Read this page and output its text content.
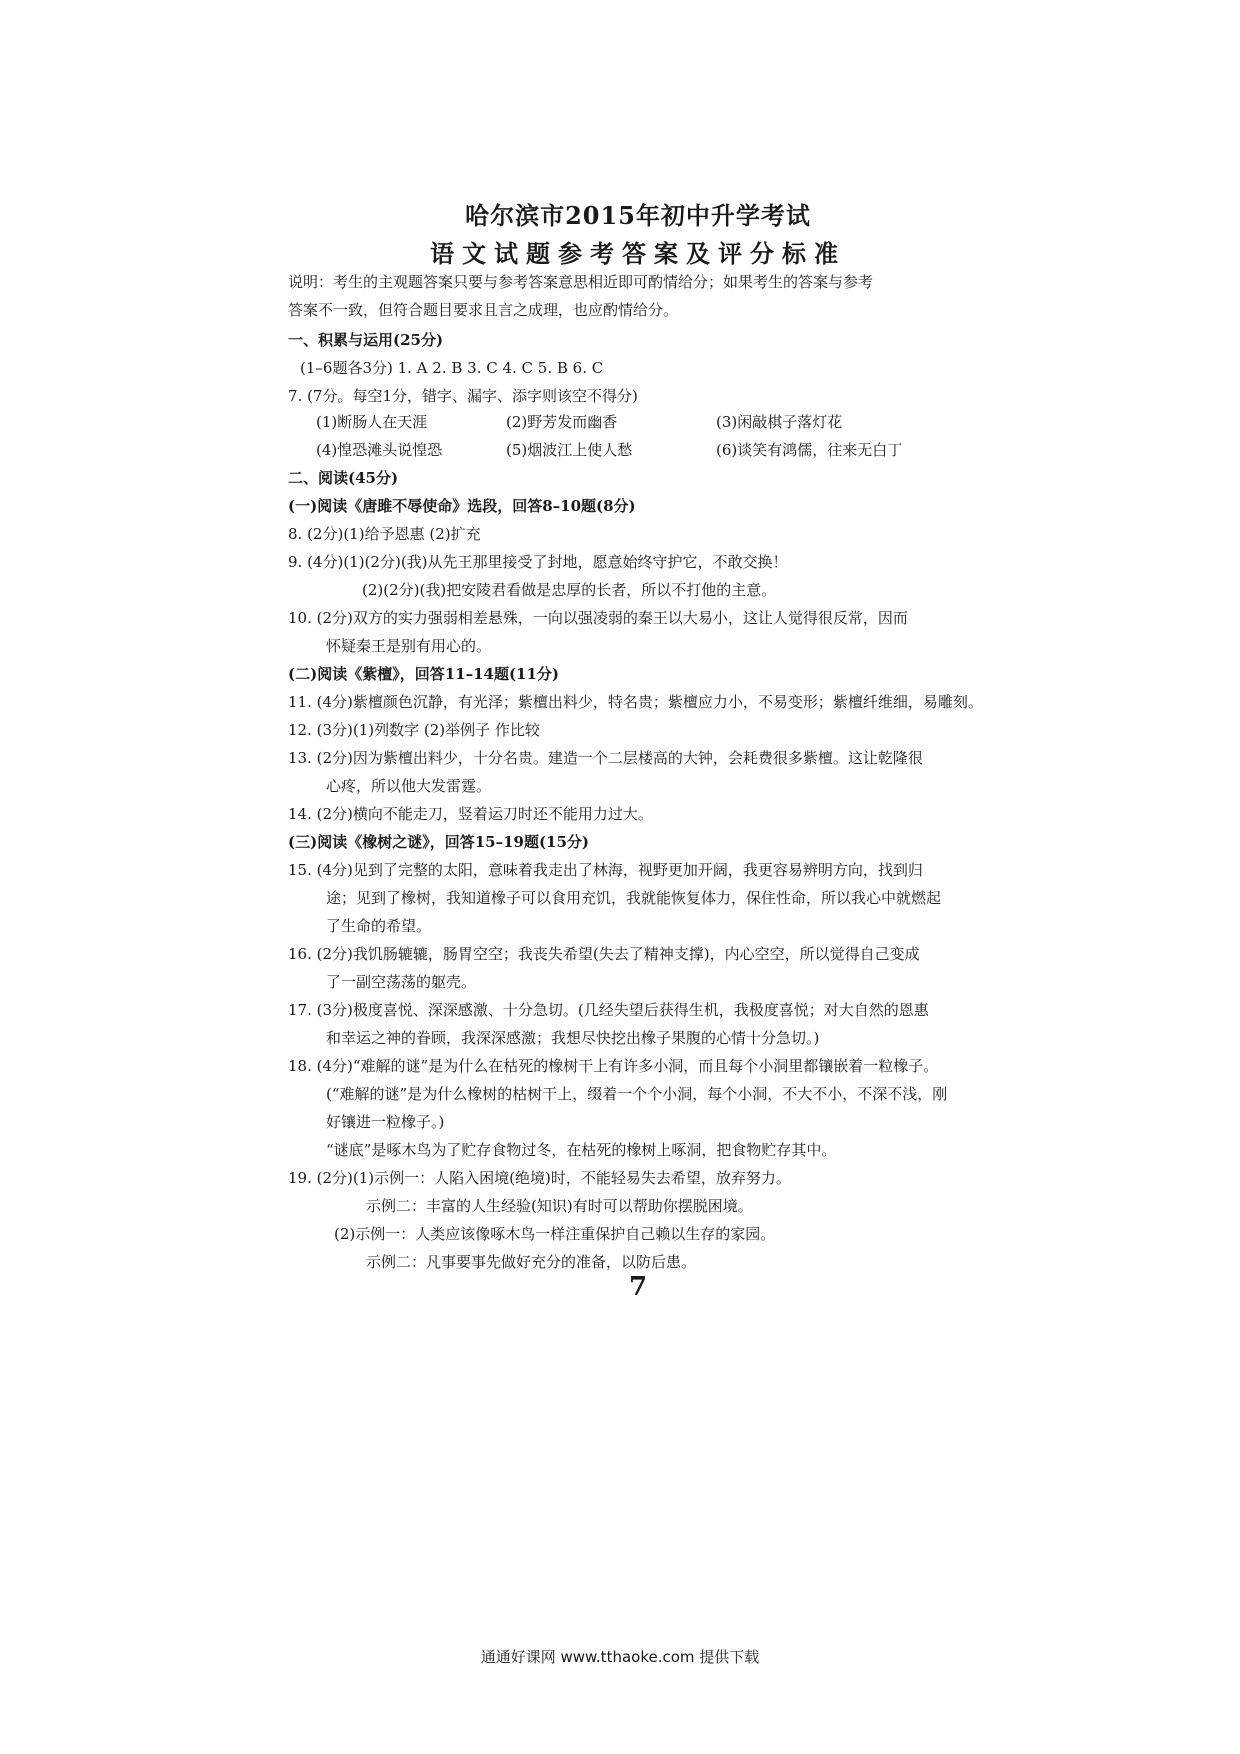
哈尔滨市2015年初中升学考试
语文试题参考答案及评分标准
说明：考生的主观题答案只要与参考答案意思相近即可酌情给分；如果考生的答案与参考
答案不一致，但符合题目要求且言之成理，也应酌情给分。
一、积累与运用(25分)
(1–6题各3分) 1. A 2. B 3. C 4. C 5. B 6. C
7. (7分。每空1分，错字、漏字、添字则该空不得分)
(1)断肠人在天涯	(2)野芳发而幽香	(3)闲敲棋子落灯花
(4)惶恐滩头说惶恐	(5)烟波江上使人愁	(6)谈笑有鸿儒，往来无白丁
二、阅读(45分)
(一)阅读《唐雎不辱使命》选段，回答8–10题(8分)
8. (2分)(1)给予恩惠 (2)扩充
9. (4分)(1)(2分)(我)从先王那里接受了封地，愿意始终守护它，不敢交换！
(2)(2分)(我)把安陵君看做是忠厚的长者，所以不打他的主意。
10. (2分)双方的实力强弱相差悬殊，一向以强凌弱的秦王以大易小，这让人觉得很反常，因而
怀疑秦王是别有用心的。
(二)阅读《紫檀》，回答11–14题(11分)
11. (4分)紫檀颜色沉静，有光泽；紫檀出料少，特名贵；紫檀应力小，不易变形；紫檀纤维细，易雕刻。
12. (3分)(1)列数字 (2)举例子 作比较
13. (2分)因为紫檀出料少，十分名贵。建造一个二层楼高的大钟，会耗费很多紫檀。这让乾隆很
心疼，所以他大发雷霆。
14. (2分)横向不能走刀，竖着运刀时还不能用力过大。
(三)阅读《橡树之谜》，回答15–19题(15分)
15. (4分)见到了完整的太阳，意味着我走出了林海，视野更加开阔，我更容易辨明方向，找到归
途；见到了橡树，我知道橡子可以食用充饥，我就能恢复体力，保住性命，所以我心中就燃起
了生命的希望。
16. (2分)我饥肠辘辘，肠胃空空；我丧失希望(失去了精神支撑)，内心空空，所以觉得自己变成
了一副空荡荡的躯壳。
17. (3分)极度喜悦、深深感激、十分急切。(几经失望后获得生机，我极度喜悦；对大自然的恩惠
和幸运之神的眷顾，我深深感激；我想尽快挖出橡子果腹的心情十分急切。)
18. (4分)“难解的谜”是为什么在枯死的橡树干上有许多小洞，而且每个小洞里都镶嵌着一粒橡子。
(“难解的谜”是为什么橡树的枯树干上，缀着一个个小洞，每个小洞，不大不小，不深不浅，刚
好镶进一粒橡子。)
“谜底”是啄木鸟为了贮存食物过冬，在枯死的橡树上啄洞，把食物贮存其中。
19. (2分)(1)示例一：人陷入困境(绝境)时，不能轻易失去希望，放弃努力。
示例二：丰富的人生经验(知识)有时可以帮助你摆脱困境。
(2)示例一：人类应该像啄木鸟一样注重保护自己赖以生存的家园。
示例二：凡事要事先做好充分的准备，以防后患。
7
通通好课网 www.tthaoke.com 提供下载
